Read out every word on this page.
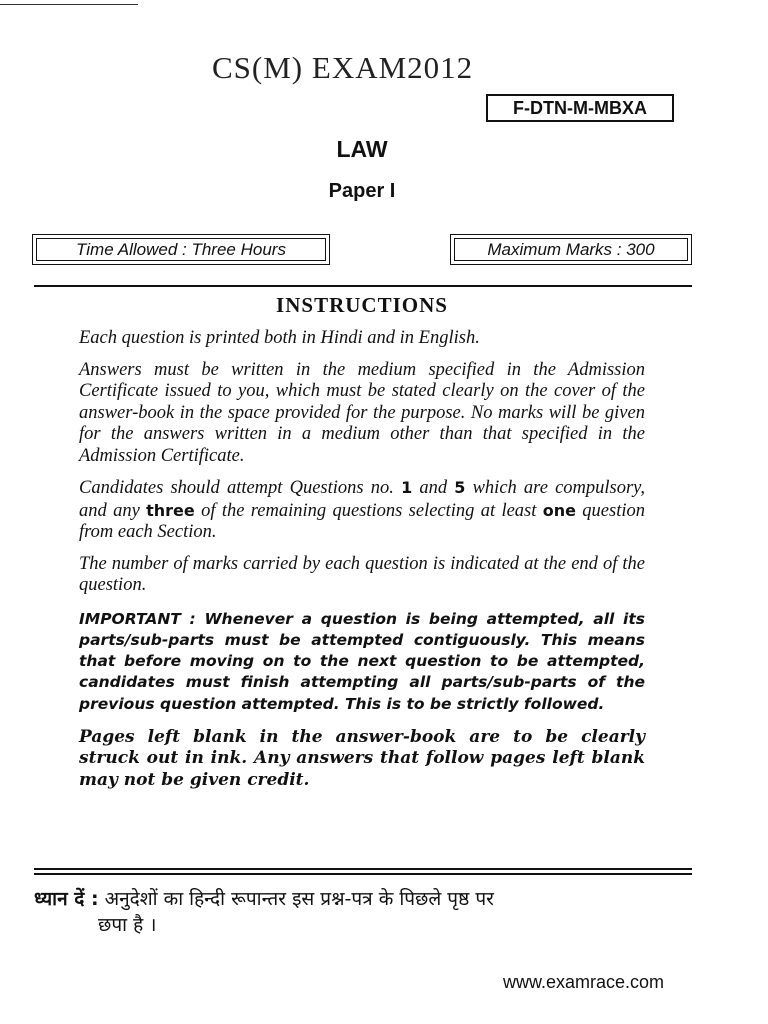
CS(M) EXAM2012
F-DTN-M-MBXA
LAW
Paper I
Time Allowed : Three Hours	Maximum Marks : 300
INSTRUCTIONS

Each question is printed both in Hindi and in English.

Answers must be written in the medium specified in the Admission Certificate issued to you, which must be stated clearly on the cover of the answer-book in the space provided for the purpose. No marks will be given for the answers written in a medium other than that specified in the Admission Certificate.

Candidates should attempt Questions no. 1 and 5 which are compulsory, and any three of the remaining questions selecting at least one question from each Section.

The number of marks carried by each question is indicated at the end of the question.

IMPORTANT : Whenever a question is being attempted, all its parts/sub-parts must be attempted contiguously. This means that before moving on to the next question to be attempted, candidates must finish attempting all parts/sub-parts of the previous question attempted. This is to be strictly followed.

Pages left blank in the answer-book are to be clearly struck out in ink. Any answers that follow pages left blank may not be given credit.

ध्यान दें : अनुदेशों का हिन्दी रूपान्तर इस प्रश्न-पत्र के पिछले पृष्ठ पर
छपा है ।
www.examrace.com
